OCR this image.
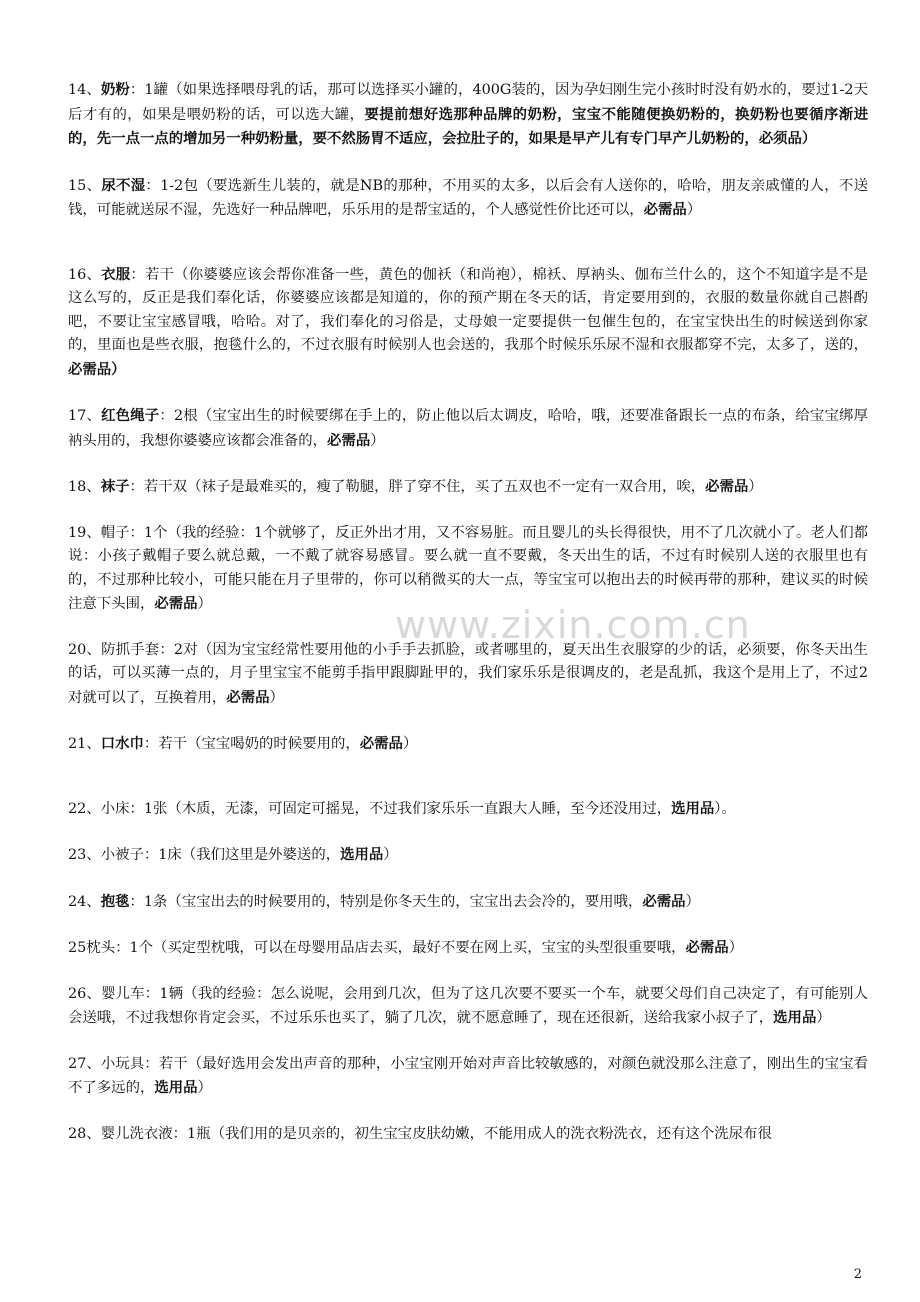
www.zixin.com.cn

14、奶粉：1罐（如果选择喂母乳的话，那可以选择买小罐的，400G装的，因为孕妇刚生完小孩时时没有奶水的，要过1-2天后才有的，如果是喂奶粉的话，可以选大罐，要提前想好选那种品牌的奶粉，宝宝不能随便换奶粉的，换奶粉也要循序渐进的，先一点一点的增加另一种奶粉量，要不然肠胃不适应，会拉肚子的，如果是早产儿有专门早产儿奶粉的，必须品）

15、尿不湿：1-2包（要选新生儿装的，就是NB的那种，不用买的太多，以后会有人送你的，哈哈，朋友亲戚懂的人，不送钱，可能就送尿不湿，先选好一种品牌吧，乐乐用的是帮宝适的，个人感觉性价比还可以，必需品）

16、衣服：若干（你婆婆应该会帮你准备一些，黄色的伽袄（和尚袍），棉袄、厚衲头、伽布兰什么的，这个不知道字是不是这么写的，反正是我们奉化话，你婆婆应该都是知道的，你的预产期在冬天的话，肯定要用到的，衣服的数量你就自己斟酌吧，不要让宝宝感冒哦，哈哈。对了，我们奉化的习俗是，丈母娘一定要提供一包催生包的，在宝宝快出生的时候送到你家的，里面也是些衣服，抱毯什么的，不过衣服有时候别人也会送的，我那个时候乐乐尿不湿和衣服都穿不完，太多了，送的，必需品）

17、红色绳子：2根（宝宝出生的时候要绑在手上的，防止他以后太调皮，哈哈，哦，还要准备跟长一点的布条，给宝宝绑厚衲头用的，我想你婆婆应该都会准备的，必需品）

18、袜子：若干双（袜子是最难买的，瘦了勒腿，胖了穿不住，买了五双也不一定有一双合用，唉，必需品）

19、帽子：1个（我的经验：1个就够了，反正外出才用，又不容易脏。而且婴儿的头长得很快，用不了几次就小了。老人们都说：小孩子戴帽子要么就总戴，一不戴了就容易感冒。要么就一直不要戴，冬天出生的话，不过有时候别人送的衣服里也有的，不过那种比较小，可能只能在月子里带的，你可以稍微买的大一点，等宝宝可以抱出去的时候再带的那种，建议买的时候注意下头围，必需品）

20、防抓手套：2对（因为宝宝经常性要用他的小手手去抓脸，或者哪里的，夏天出生衣服穿的少的话，必须要，你冬天出生的话，可以买薄一点的，月子里宝宝不能剪手指甲跟脚趾甲的，我们家乐乐是很调皮的，老是乱抓，我这个是用上了，不过2对就可以了，互换着用，必需品）

21、口水巾：若干（宝宝喝奶的时候要用的，必需品）

22、小床：1张（木质，无漆，可固定可摇晃，不过我们家乐乐一直跟大人睡，至今还没用过，选用品）。

23、小被子：1床（我们这里是外婆送的，选用品）

24、抱毯：1条（宝宝出去的时候要用的，特别是你冬天生的，宝宝出去会冷的，要用哦，必需品）

25枕头：1个（买定型枕哦，可以在母婴用品店去买，最好不要在网上买，宝宝的头型很重要哦，必需品）

26、婴儿车：1辆（我的经验：怎么说呢，会用到几次，但为了这几次要不要买一个车，就要父母们自己决定了，有可能别人会送哦，不过我想你肯定会买，不过乐乐也买了，躺了几次，就不愿意睡了，现在还很新，送给我家小叔子了，选用品）

27、小玩具：若干（最好选用会发出声音的那种，小宝宝刚开始对声音比较敏感的，对颜色就没那么注意了，刚出生的宝宝看不了多远的，选用品）

28、婴儿洗衣液：1瓶（我们用的是贝亲的，初生宝宝皮肤幼嫩，不能用成人的洗衣粉洗衣，还有这个洗尿布很

2
